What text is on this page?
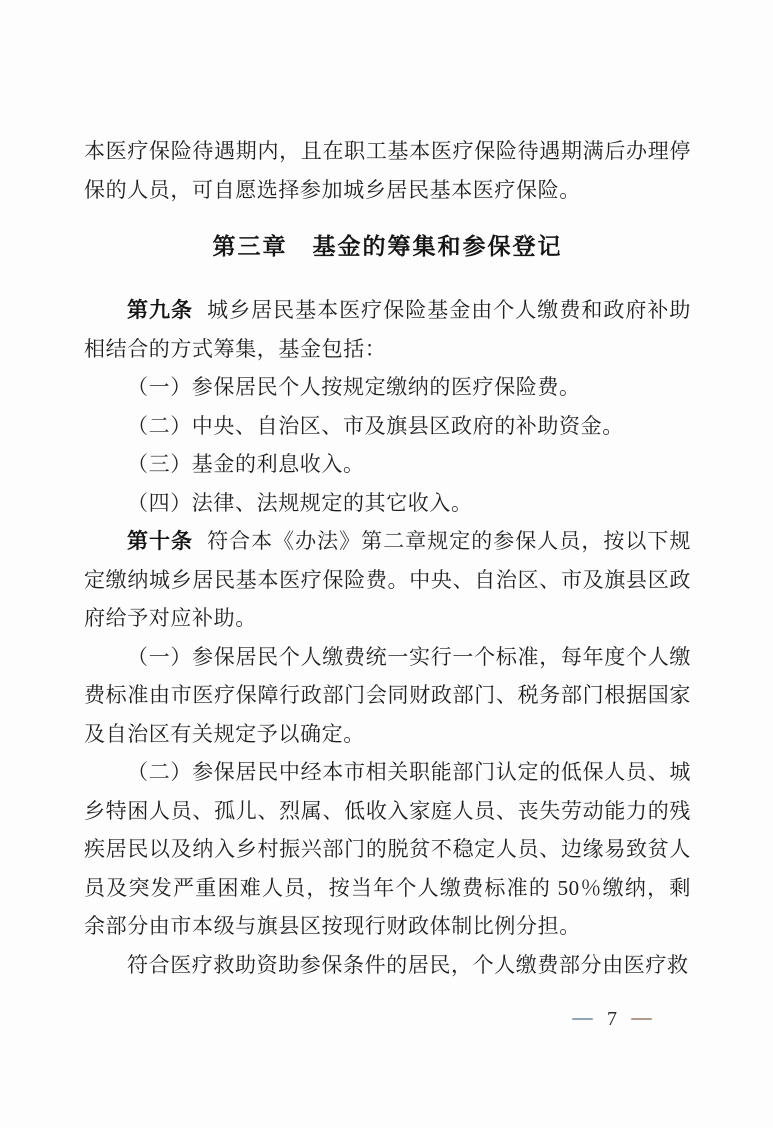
本医疗保险待遇期内，且在职工基本医疗保险待遇期满后办理停保的人员，可自愿选择参加城乡居民基本医疗保险。

第三章　基金的筹集和参保登记

第九条 城乡居民基本医疗保险基金由个人缴费和政府补助相结合的方式筹集，基金包括：

（一）参保居民个人按规定缴纳的医疗保险费。

（二）中央、自治区、市及旗县区政府的补助资金。

（三）基金的利息收入。

（四）法律、法规规定的其它收入。

第十条 符合本《办法》第二章规定的参保人员，按以下规定缴纳城乡居民基本医疗保险费。中央、自治区、市及旗县区政府给予对应补助。

（一）参保居民个人缴费统一实行一个标准，每年度个人缴费标准由市医疗保障行政部门会同财政部门、税务部门根据国家及自治区有关规定予以确定。

（二）参保居民中经本市相关职能部门认定的低保人员、城乡特困人员、孤儿、烈属、低收入家庭人员、丧失劳动能力的残疾居民以及纳入乡村振兴部门的脱贫不稳定人员、边缘易致贫人员及突发严重困难人员，按当年个人缴费标准的 50％缴纳，剩余部分由市本级与旗县区按现行财政体制比例分担。

符合医疗救助资助参保条件的居民，个人缴费部分由医疗救

7
